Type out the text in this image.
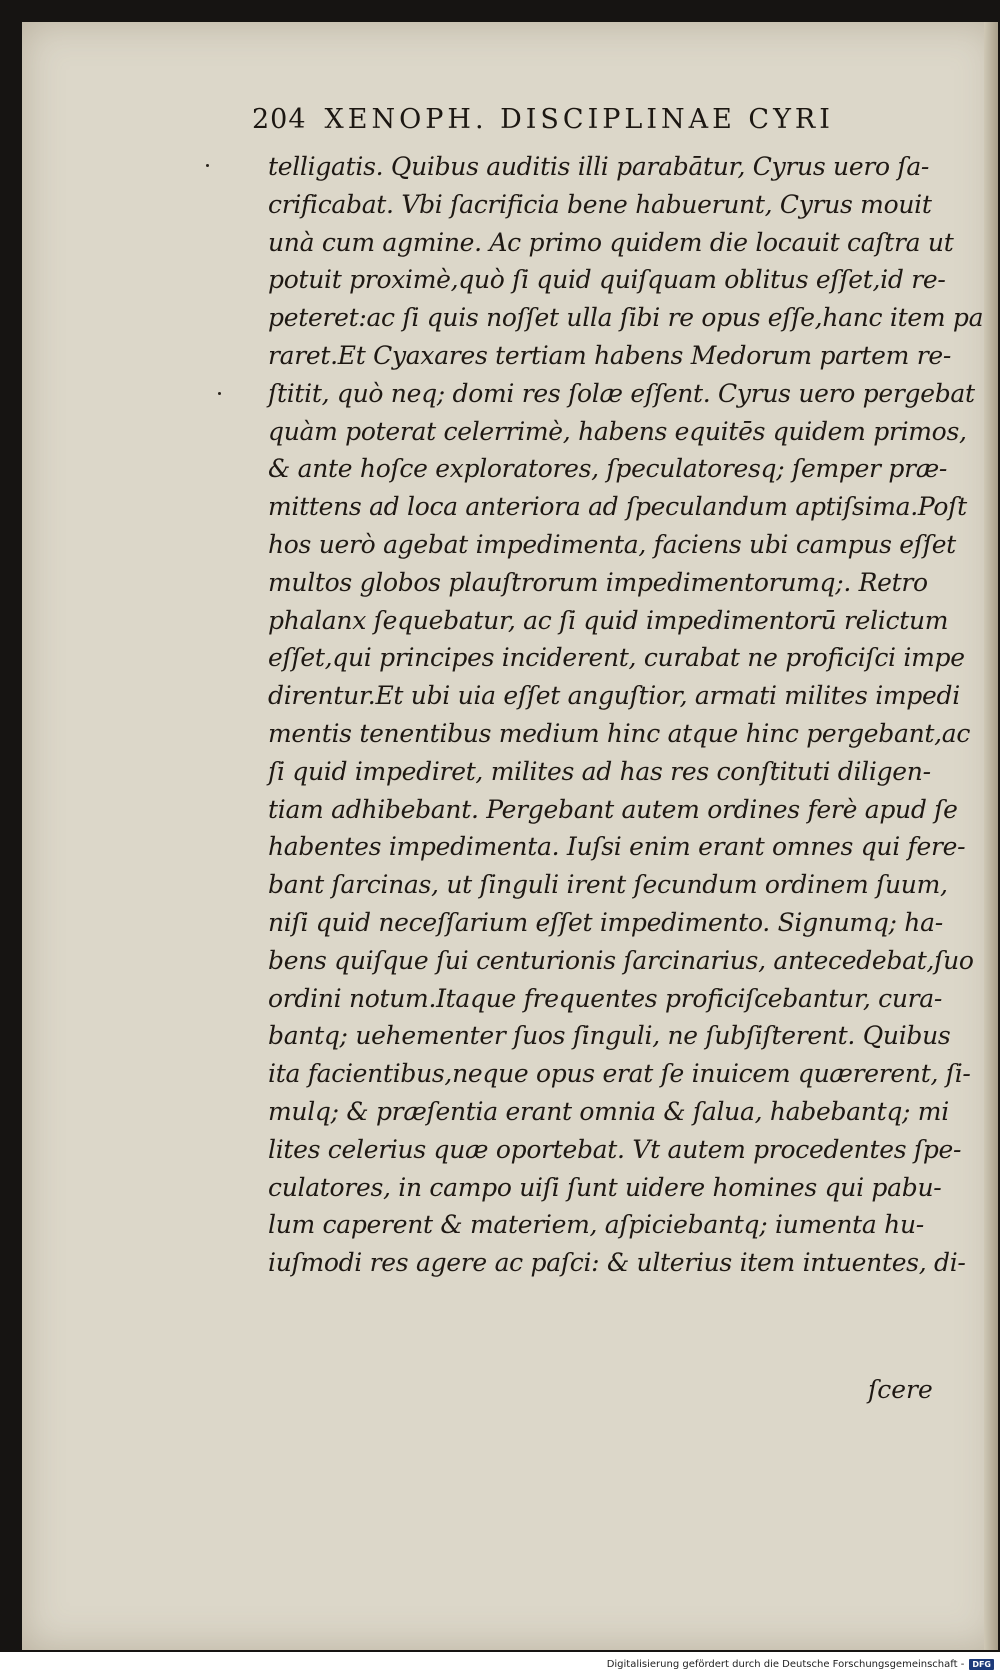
204 XENOPH. DISCIPLINAE CYRI
telligatis. Quibus auditis illi parabātur, Cyrus uero ſa-
crificabat. Vbi ſacrificia bene habuerunt, Cyrus mouit
unà cum agmine. Ac primo quidem die locauit caſtra ut
potuit proximè,quò ſi quid quiſquam oblitus eſſet,id re-
peteret:ac ſi quis noſſet ulla ſibi re opus eſſe,hanc item pa
raret.Et Cyaxares tertiam habens Medorum partem re-
ſtitit, quò neq; domi res ſolæ eſſent. Cyrus uero pergebat
quàm poterat celerrimè, habens equitēs quidem primos,
& ante hoſce exploratores, ſpeculatoresq; ſemper præ-
mittens ad loca anteriora ad ſpeculandum aptiſsima.Poſt
hos uerò agebat impedimenta, faciens ubi campus eſſet
multos globos plauſtrorum impedimentorumq;. Retro
phalanx ſequebatur, ac ſi quid impedimentorū relictum
eſſet,qui principes inciderent, curabat ne proficiſci impe
direntur.Et ubi uia eſſet anguſtior, armati milites impedi
mentis tenentibus medium hinc atque hinc pergebant,ac
ſi quid impediret, milites ad has res conſtituti diligen-
tiam adhibebant. Pergebant autem ordines ferè apud ſe
habentes impedimenta. Iuſsi enim erant omnes qui fere-
bant ſarcinas, ut ſinguli irent ſecundum ordinem ſuum,
niſi quid neceſſarium eſſet impedimento. Signumq; ha-
bens quiſque ſui centurionis ſarcinarius, antecedebat,ſuo
ordini notum.Itaque frequentes proficiſcebantur, cura-
bantq; uehementer ſuos ſinguli, ne ſubſiſterent. Quibus
ita facientibus,neque opus erat ſe inuicem quærerent, ſi-
mulq; & præſentia erant omnia & ſalua, habebantq; mi
lites celerius quæ oportebat. Vt autem procedentes ſpe-
culatores, in campo uiſi ſunt uidere homines qui pabu-
lum caperent & materiem, aſpiciebantq; iumenta hu-
iuſmodi res agere ac paſci: & ulterius item intuentes, di-
ſcere
Digitalisierung gefördert durch die Deutsche Forschungsgemeinschaft -	DFG
